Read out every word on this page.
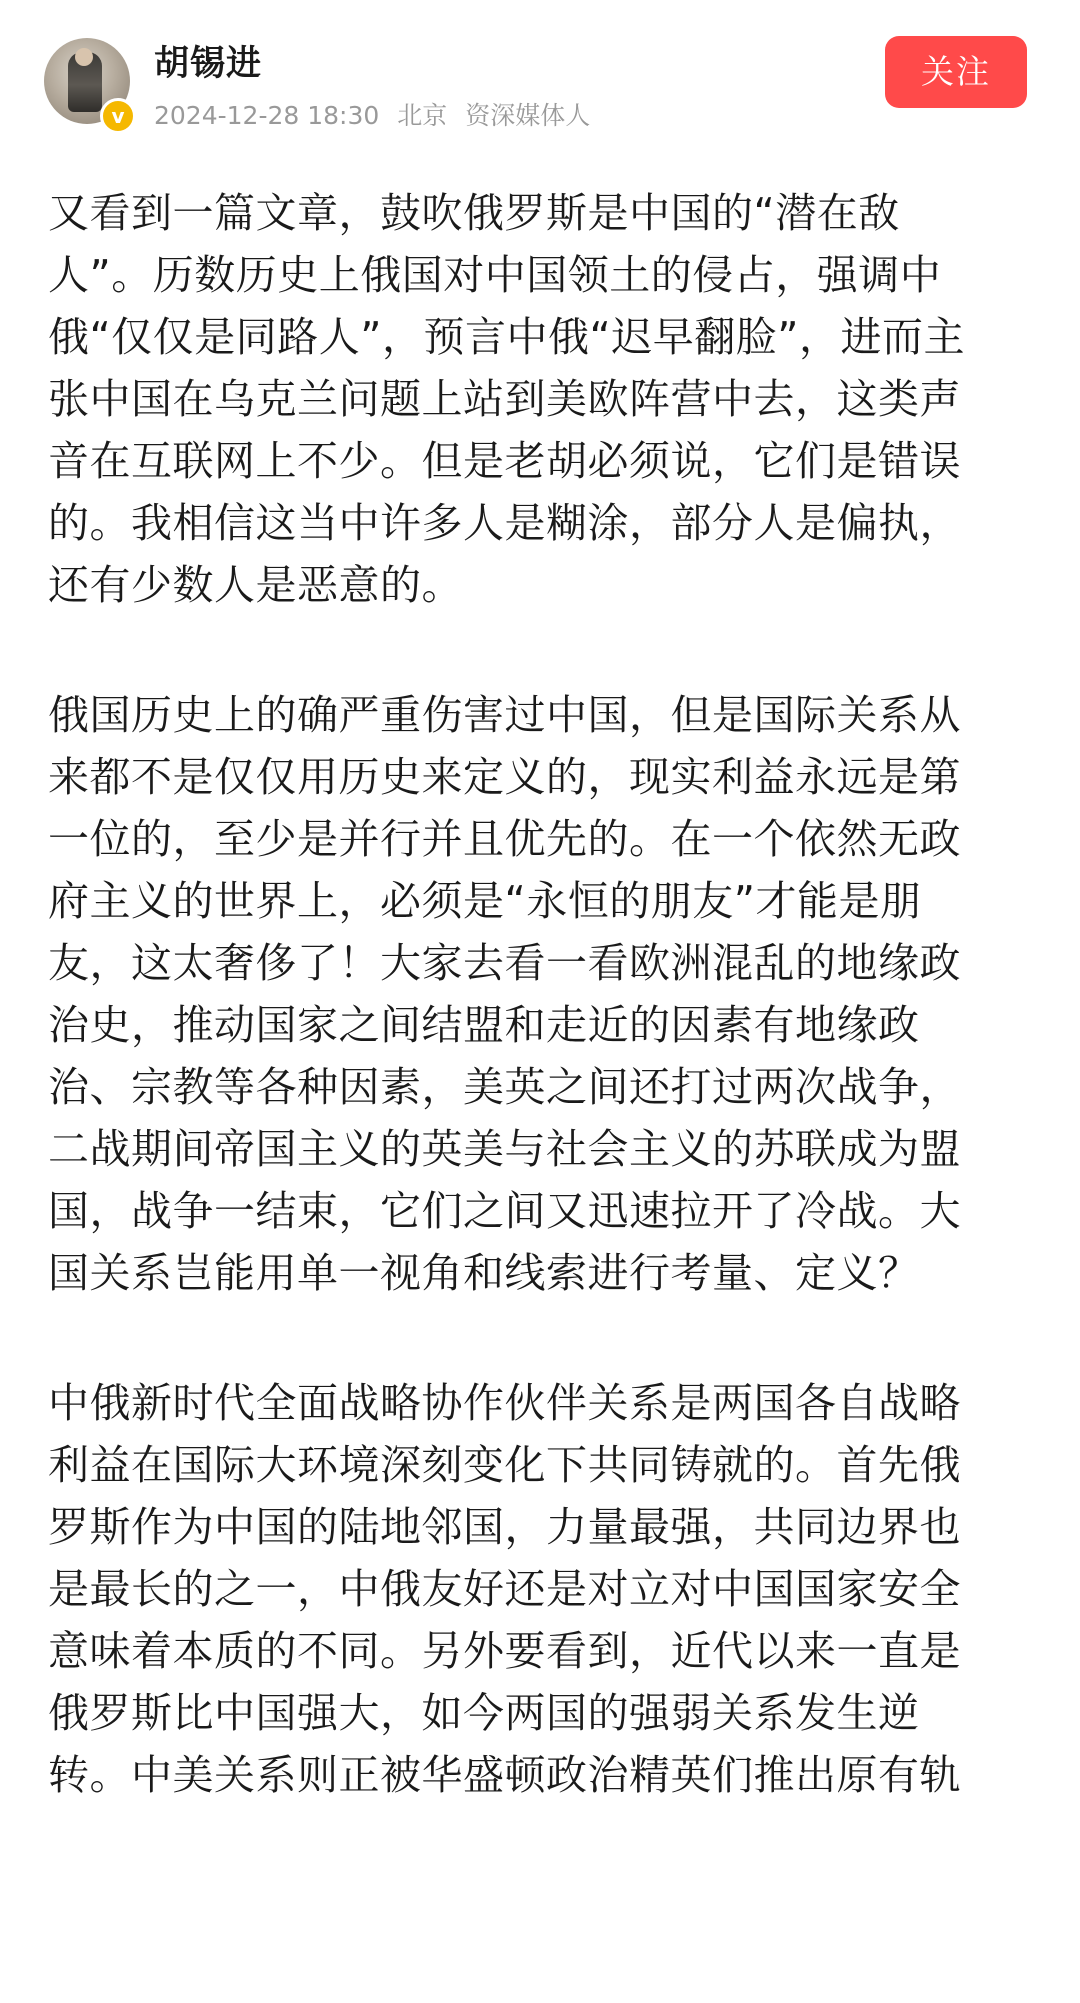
v
胡锡进
2024-12-28 18:30 北京 资深媒体人
关注

又看到一篇文章，鼓吹俄罗斯是中国的“潜在敌
人”。历数历史上俄国对中国领土的侵占，强调中
俄“仅仅是同路人”，预言中俄“迟早翻脸”，进而主
张中国在乌克兰问题上站到美欧阵营中去，这类声
音在互联网上不少。但是老胡必须说，它们是错误
的。我相信这当中许多人是糊涂，部分人是偏执，
还有少数人是恶意的。

俄国历史上的确严重伤害过中国，但是国际关系从
来都不是仅仅用历史来定义的，现实利益永远是第
一位的，至少是并行并且优先的。在一个依然无政
府主义的世界上，必须是“永恒的朋友”才能是朋
友，这太奢侈了！大家去看一看欧洲混乱的地缘政
治史，推动国家之间结盟和走近的因素有地缘政
治、宗教等各种因素，美英之间还打过两次战争，
二战期间帝国主义的英美与社会主义的苏联成为盟
国，战争一结束，它们之间又迅速拉开了冷战。大
国关系岂能用单一视角和线索进行考量、定义？

中俄新时代全面战略协作伙伴关系是两国各自战略
利益在国际大环境深刻变化下共同铸就的。首先俄
罗斯作为中国的陆地邻国，力量最强，共同边界也
是最长的之一，中俄友好还是对立对中国国家安全
意味着本质的不同。另外要看到，近代以来一直是
俄罗斯比中国强大，如今两国的强弱关系发生逆
转。中美关系则正被华盛顿政治精英们推出原有轨
